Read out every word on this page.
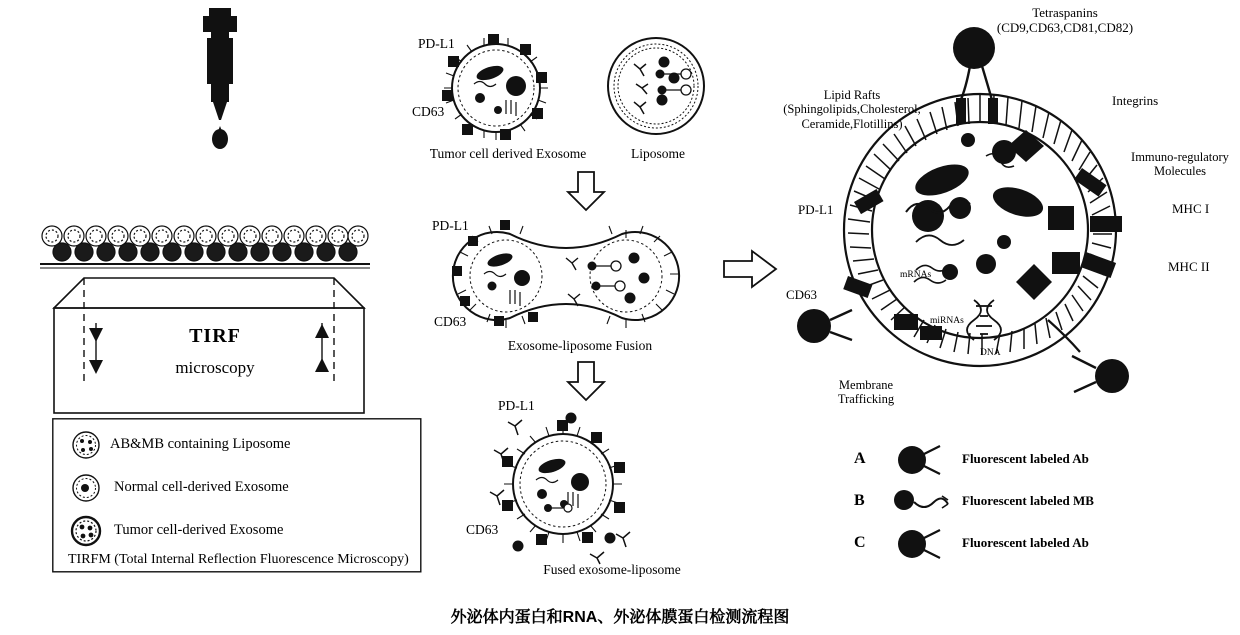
TIRF
microscopy
AB&MB containing Liposome
Normal cell-derived Exosome
Tumor cell-derived Exosome
TIRFM (Total Internal Reflection Fluorescence Microscopy)
PD-L1
CD63
Tumor cell derived Exosome	Liposome
PD-L1
CD63
Exosome-liposome Fusion
PD-L1
CD63
Fused exosome-liposome
Tetraspanins
(CD9,CD63,CD81,CD82)
Lipid Rafts
(Sphingolipids,Cholesterol,
Ceramide,Flotillins)
Integrins
Immuno-regulatory
Molecules
MHC I
MHC II
PD-L1
CD63
Membrane
Trafficking
mRNAs
miRNAs
DNA
A	Fluorescent labeled Ab
B	Fluorescent labeled MB
C	Fluorescent labeled Ab
外泌体内蛋白和RNA、外泌体膜蛋白检测流程图
